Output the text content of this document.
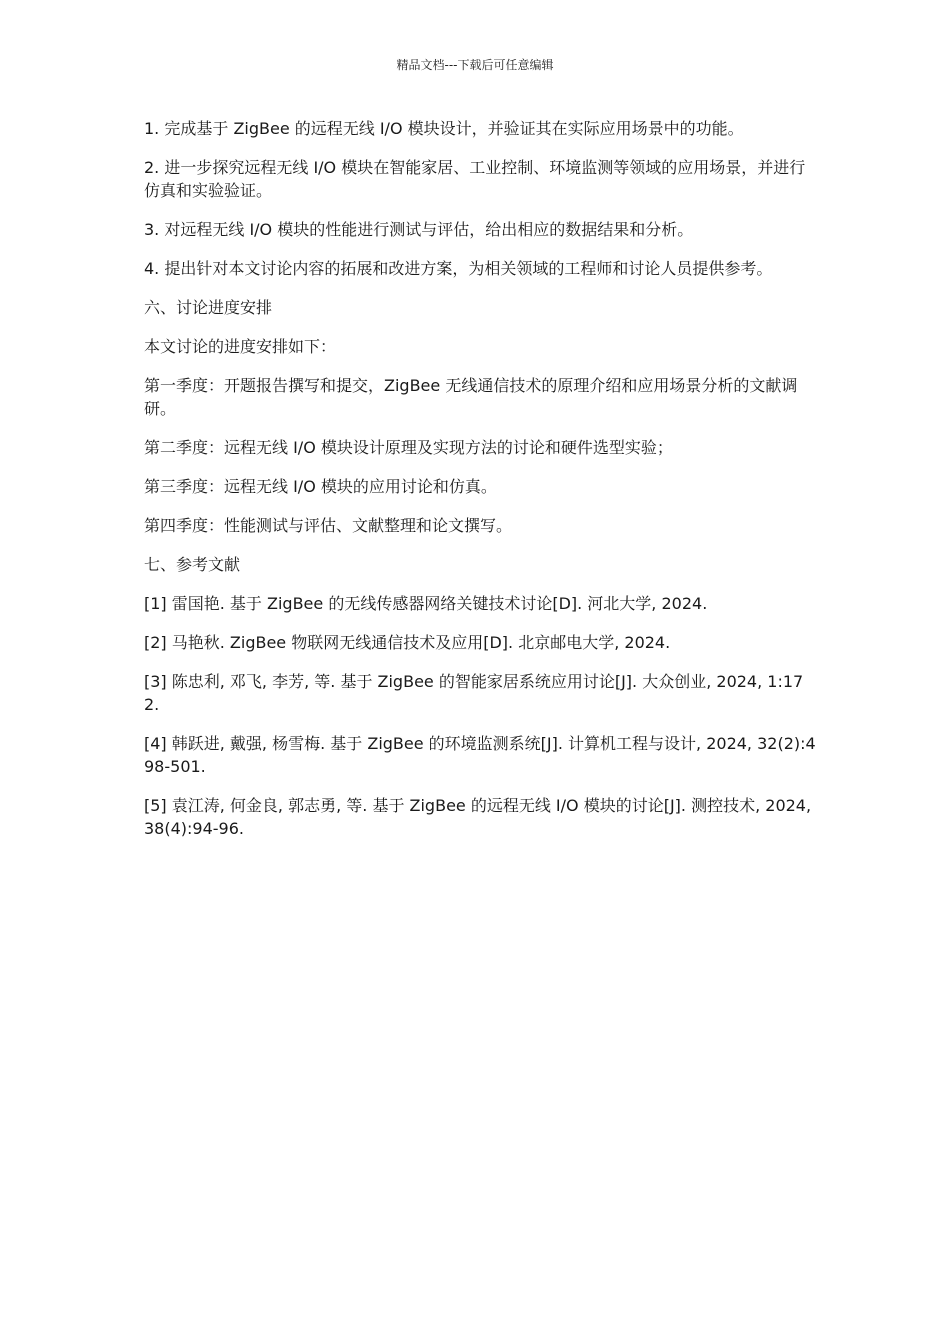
精品文档---下载后可任意编辑

1. 完成基于 ZigBee 的远程无线 I/O 模块设计，并验证其在实际应用场景中的功能。

2. 进一步探究远程无线 I/O 模块在智能家居、工业控制、环境监测等领域的应用场景，并进行仿真和实验验证。

3. 对远程无线 I/O 模块的性能进行测试与评估，给出相应的数据结果和分析。

4. 提出针对本文讨论内容的拓展和改进方案，为相关领域的工程师和讨论人员提供参考。

六、讨论进度安排

本文讨论的进度安排如下：

第一季度：开题报告撰写和提交，ZigBee 无线通信技术的原理介绍和应用场景分析的文献调研。

第二季度：远程无线 I/O 模块设计原理及实现方法的讨论和硬件选型实验；

第三季度：远程无线 I/O 模块的应用讨论和仿真。

第四季度：性能测试与评估、文献整理和论文撰写。

七、参考文献

[1] 雷国艳. 基于 ZigBee 的无线传感器网络关键技术讨论[D]. 河北大学, 2024.

[2] 马艳秋. ZigBee 物联网无线通信技术及应用[D]. 北京邮电大学, 2024.

[3] 陈忠利, 邓飞, 李芳, 等. 基于 ZigBee 的智能家居系统应用讨论[J]. 大众创业, 2024, 1:172.

[4] 韩跃进, 戴强, 杨雪梅. 基于 ZigBee 的环境监测系统[J]. 计算机工程与设计, 2024, 32(2):498-501.

[5] 袁江涛, 何金良, 郭志勇, 等. 基于 ZigBee 的远程无线 I/O 模块的讨论[J]. 测控技术, 2024, 38(4):94-96.
